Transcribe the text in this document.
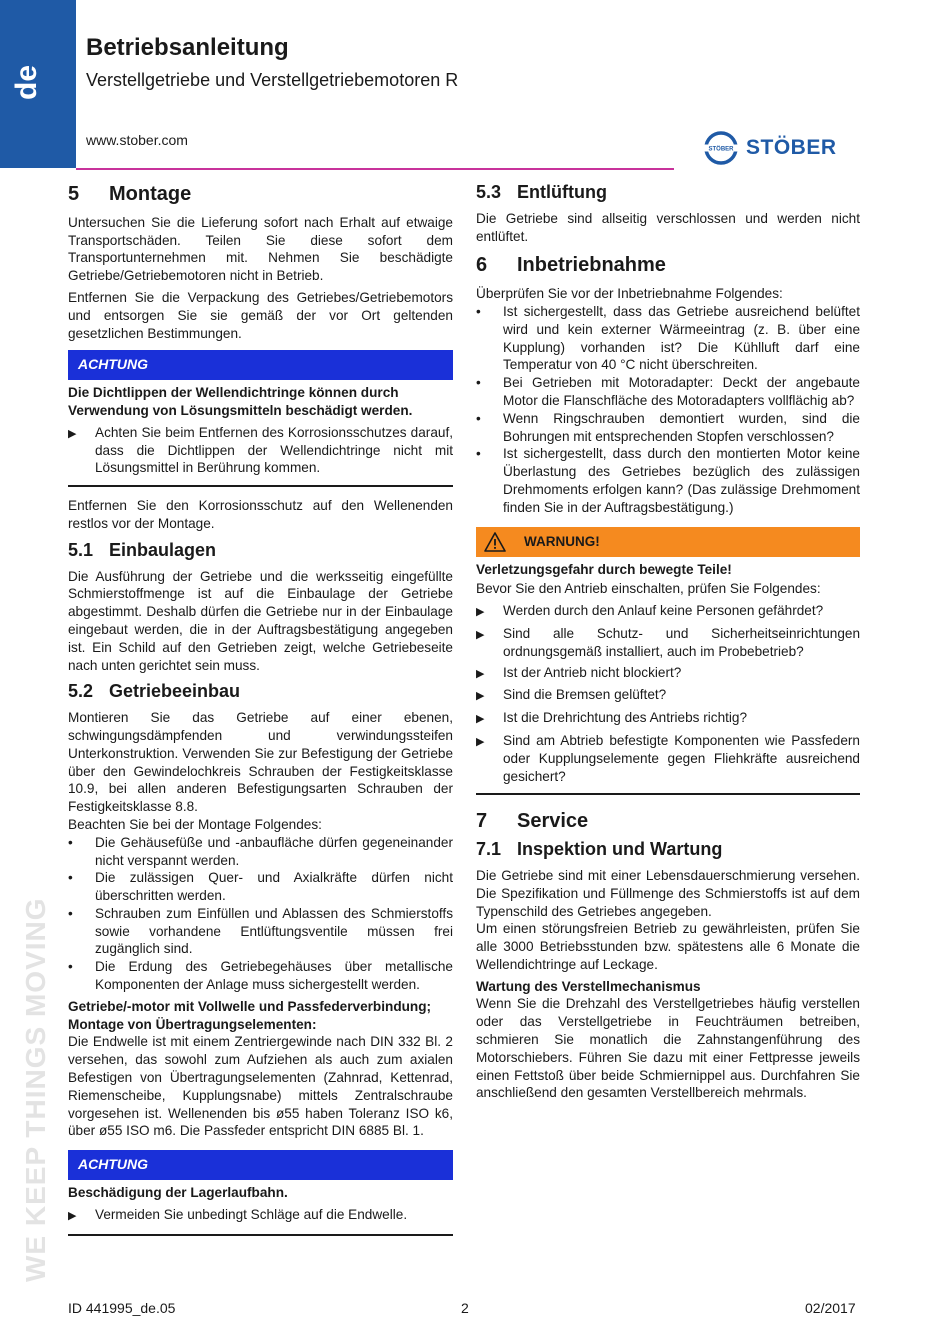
de
Betriebsanleitung
Verstellgetriebe und Verstellgetriebemotoren R
www.stober.com
STÖBER STÖBER
WE KEEP THINGS MOVING
5	Montage

Untersuchen Sie die Lieferung sofort nach Erhalt auf etwaige Transportschäden. Teilen Sie diese sofort dem Transportunternehmen mit. Nehmen Sie beschädigte Getriebe/Getriebemotoren nicht in Betrieb.

Entfernen Sie die Verpackung des Getriebes/Getriebemotors und entsorgen Sie sie gemäß der vor Ort geltenden gesetzlichen Bestimmungen.

ACHTUNG

Die Dichtlippen der Wellendichtringe können durch Verwendung von Lösungsmitteln beschädigt werden.

▶	Achten Sie beim Entfernen des Korrosionsschutzes darauf, dass die Dichtlippen der Wellendichtringe nicht mit Lösungsmittel in Berührung kommen.

Entfernen Sie den Korrosionsschutz auf den Wellenenden restlos vor der Montage.

5.1 Einbaulagen

Die Ausführung der Getriebe und die werksseitig eingefüllte Schmierstoffmenge ist auf die Einbaulage der Getriebe abgestimmt. Deshalb dürfen die Getriebe nur in der Einbaulage eingebaut werden, die in der Auftragsbestätigung angegeben ist. Ein Schild auf den Getrieben zeigt, welche Getriebeseite nach unten gerichtet sein muss.

5.2 Getriebeeinbau

Montieren Sie das Getriebe auf einer ebenen, schwingungsdämpfenden und verwindungssteifen Unterkonstruktion. Verwenden Sie zur Befestigung der Getriebe über den Gewindelochkreis Schrauben der Festigkeitsklasse 10.9, bei allen anderen Befestigungsarten Schrauben der Festigkeitsklasse 8.8.

Beachten Sie bei der Montage Folgendes:

•	Die Gehäusefüße und -anbaufläche dürfen gegeneinander nicht verspannt werden.
•	Die zulässigen Quer- und Axialkräfte dürfen nicht überschritten werden.
•	Schrauben zum Einfüllen und Ablassen des Schmierstoffs sowie vorhandene Entlüftungsventile müssen frei zugänglich sind.
•	Die Erdung des Getriebegehäuses über metallische Komponenten der Anlage muss sichergestellt werden.

Getriebe/-motor mit Vollwelle und Passfederverbindung; Montage von Übertragungselementen:

Die Endwelle ist mit einem Zentriergewinde nach DIN 332 Bl. 2 versehen, das sowohl zum Aufziehen als auch zum axialen Befestigen von Übertragungselementen (Zahnrad, Kettenrad, Riemenscheibe, Kupplungsnabe) mittels Zentralschraube vorgesehen ist. Wellenenden bis ø55 haben Toleranz ISO k6, über ø55 ISO m6. Die Passfeder entspricht DIN 6885 Bl. 1.

ACHTUNG

Beschädigung der Lagerlaufbahn.

▶	Vermeiden Sie unbedingt Schläge auf die Endwelle.
5.3 Entlüftung

Die Getriebe sind allseitig verschlossen und werden nicht entlüftet.

6	Inbetriebnahme

Überprüfen Sie vor der Inbetriebnahme Folgendes:

•	Ist sichergestellt, dass das Getriebe ausreichend belüftet wird und kein externer Wärmeeintrag (z. B. über eine Kupplung) vorhanden ist? Die Kühlluft darf eine Temperatur von 40 °C nicht überschreiten.
•	Bei Getrieben mit Motoradapter: Deckt der angebaute Motor die Flanschfläche des Motoradapters vollflächig ab?
•	Wenn Ringschrauben demontiert wurden, sind die Bohrungen mit entsprechenden Stopfen verschlossen?
•	Ist sichergestellt, dass durch den montierten Motor keine Überlastung des Getriebes bezüglich des zulässigen Drehmoments erfolgen kann? (Das zulässige Drehmoment finden Sie in der Auftragsbestätigung.)
WARNUNG!

Verletzungsgefahr durch bewegte Teile!

Bevor Sie den Antrieb einschalten, prüfen Sie Folgendes:

▶	Werden durch den Anlauf keine Personen gefährdet?
▶	Sind alle Schutz- und Sicherheitseinrichtungen ordnungsgemäß installiert, auch im Probebetrieb?
▶	Ist der Antrieb nicht blockiert?
▶	Sind die Bremsen gelüftet?
▶	Ist die Drehrichtung des Antriebs richtig?
▶	Sind am Abtrieb befestigte Komponenten wie Passfedern oder Kupplungselemente gegen Fliehkräfte ausreichend gesichert?
7	Service
7.1 Inspektion und Wartung

Die Getriebe sind mit einer Lebensdauerschmierung versehen. Die Spezifikation und Füllmenge des Schmierstoffs ist auf dem Typenschild des Getriebes angegeben.

Um einen störungsfreien Betrieb zu gewährleisten, prüfen Sie alle 3000 Betriebsstunden bzw. spätestens alle 6 Monate die Wellendichtringe auf Leckage.

Wartung des Verstellmechanismus

Wenn Sie die Drehzahl des Verstellgetriebes häufig verstellen oder das Verstellgetriebe in Feuchträumen betreiben, schmieren Sie monatlich die Zahnstangenführung des Motorschiebers. Führen Sie dazu mit einer Fettpresse jeweils einen Fettstoß über beide Schmiernippel aus. Durchfahren Sie anschließend den gesamten Verstellbereich mehrmals.

ID 441995_de.05	2	02/2017
